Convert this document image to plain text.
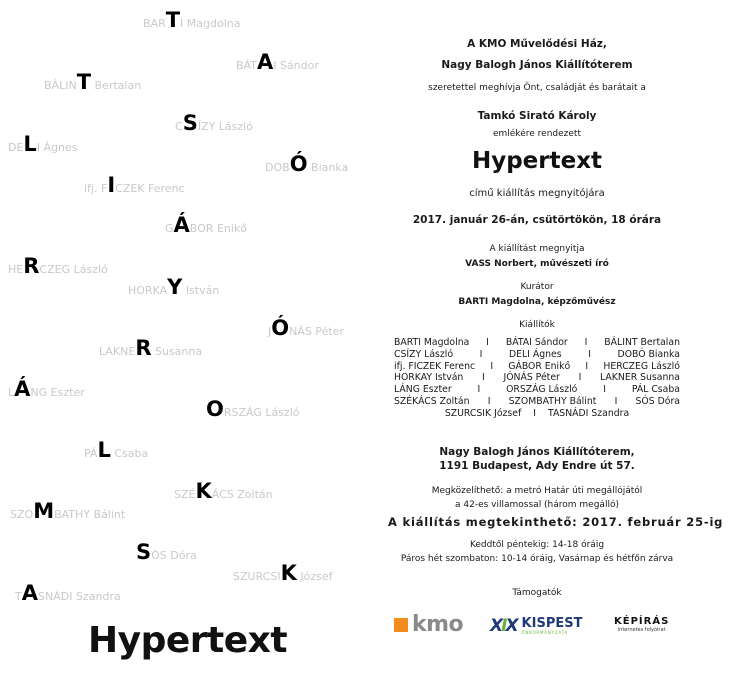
BARTI Magdolna
BÁTAI Sándor
BÁLINT Bertalan
CSÍZY László
DELI Ágnes
DOBÓ Bianka
ifj. FICZEK Ferenc
GÁBOR Enikő
HERCZEG László
HORKAY István
JÓNÁS Péter
LAKNER Susanna
LÁNG Eszter
ORSZÁG László
PÁL Csaba
SZÉKÁCS Zoltán
SZOMBATHY Bálint
SÓS Dóra
SZURCSIK József
TASNÁDI Szandra
Hypertext
A KMO Művelődési Ház,
Nagy Balogh János Kiállítóterem
szeretettel meghívja Önt, családját és barátait a
Tamkó Sirató Károly
emlékére rendezett
Hypertext
című kiállítás megnyitójára
2017. január 26-án, csütörtökön, 18 órára
A kiállítást megnyitja
VASS Norbert, művészeti író
Kurátor
BARTI Magdolna, képzőművész
Kiállítók
BARTI Magdolna I BÁTAI Sándor I BÁLINT Bertalan
CSÍZY László	I	DELI Ágnes	I	DOBÓ Bianka
ifj. FICZEK Ferenc I GÁBOR Enikő I HERCZEG László
HORKAY István I JÓNÁS Péter I LAKNER Susanna
LÁNG Eszter	I	ORSZÁG László	I	PÁL Csaba
SZÉKÁCS Zoltán I SZOMBATHY Bálint I SÓS Dóra
SZURCSIK József I TASNÁDI Szandra
Nagy Balogh János Kiállítóterem,
1191 Budapest, Ady Endre út 57.
Megközelíthető: a metró Határ úti megállójától
a 42-es villamossal (három megálló)
A kiállítás megtekinthető: 2017. február 25-ig
Keddtől péntekig: 14-18 óráig
Páros hét szombaton: 10-14 óráig, Vasárnap és hétfőn zárva
Támogatók
kmo XIX KISPEST
ÖNKORMÁNYZATA
KÉPÍRÁS
internetes folyóirat
